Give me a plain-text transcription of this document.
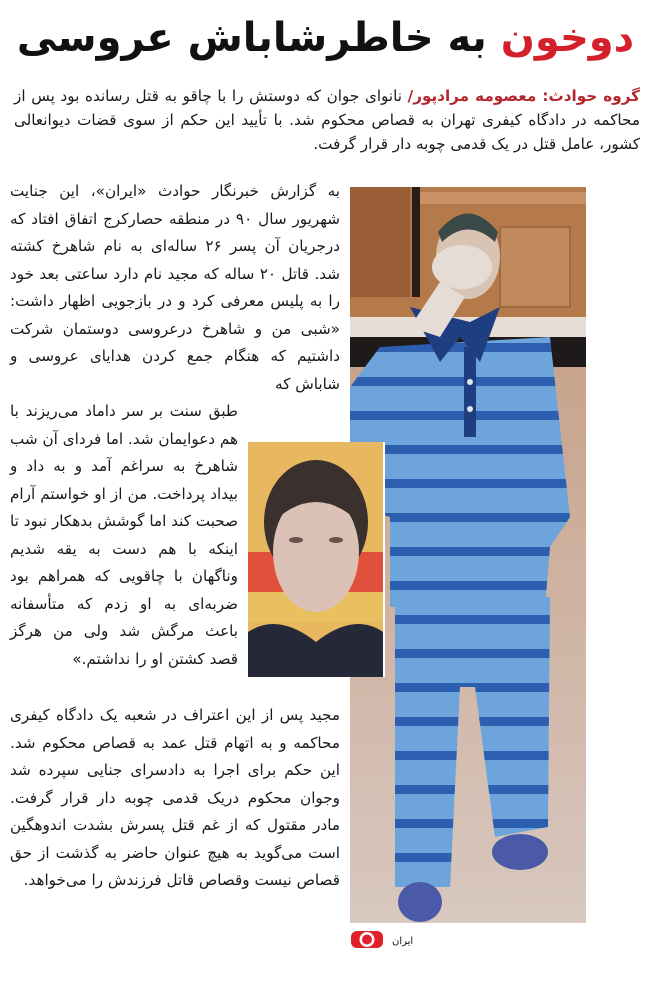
دوخون به خاطرشاباش عروسی
گروه حوادث: معصومه مرادپور/ نانوای جوان که دوستش را با چاقو به قتل رسانده بود پس از محاکمه در دادگاه کیفری تهران به قصاص محکوم شد. با تأیید این حکم از سوی قضات دیوانعالی کشور، عامل قتل در یک قدمی چوبه دار قرار گرفت.

به گزارش خبرنگار حوادث «ایران»، این جنایت شهریور سال ۹۰ در منطقه حصارکرج اتفاق افتاد که درجریان آن پسر ۲۶ ساله‌ای به نام شاهرخ کشته شد. قاتل ۲۰ ساله که مجید نام دارد ساعتی بعد خود را به پلیس معرفی کرد و در بازجویی اظهار داشت: «شبی من و شاهرخ درعروسی دوستمان شرکت داشتیم که هنگام جمع کردن هدایای عروسی و شاباش که

طبق سنت بر سر داماد می‌ریزند با هم دعوایمان شد. اما فردای آن شب شاهرخ به سراغم آمد و به داد و بیداد پرداخت. من از او خواستم آرام صحبت کند اما گوشش بدهکار نبود تا اینکه با هم دست به یقه شدیم وناگهان با چاقویی که همراهم بود ضربه‌ای به او زدم که متأسفانه باعث مرگش شد ولی من هرگز قصد کشتن او را نداشتم.»

مجید پس از این اعتراف در شعبه یک دادگاه کیفری محاکمه و به اتهام قتل عمد به قصاص محکوم شد. این حکم برای اجرا به دادسرای جنایی سپرده شد وجوان محکوم دریک قدمی چوبه دار قرار گرفت. مادر مقتول که از غم قتل پسرش بشدت اندوهگین است می‌گوید به هیچ عنوان حاضر به گذشت از حق قصاص نیست وقصاص قاتل فرزندش را می‌خواهد.

ایران
